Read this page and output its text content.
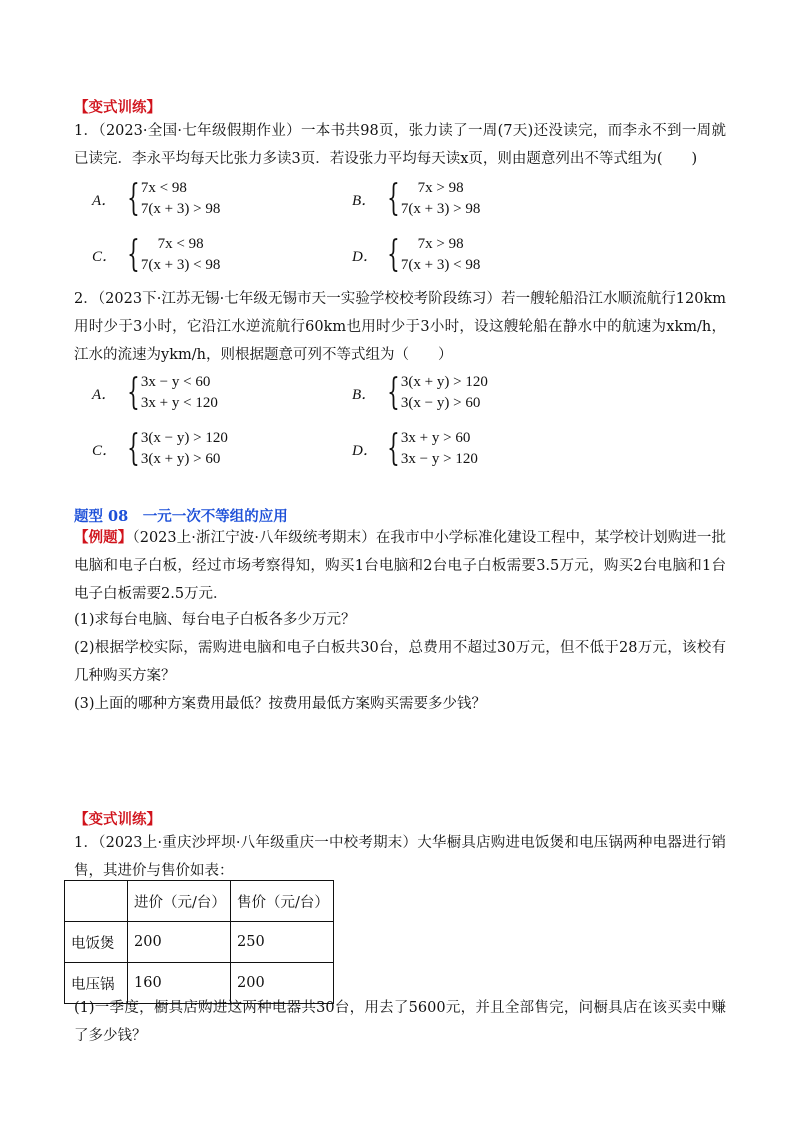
【变式训练】
1．（2023·全国·七年级假期作业）一本书共98页，张力读了一周(7天)还没读完，而李永不到一周就已读完．李永平均每天比张力多读3页．若设张力平均每天读x页，则由题意列出不等式组为(　　)
A． { 7x < 98
7(x + 3) > 98
B． {	7x > 98
7(x + 3) > 98
C． {	7x < 98
7(x + 3) < 98
D． {	7x > 98
7(x + 3) < 98
2．（2023下·江苏无锡·七年级无锡市天一实验学校校考阶段练习）若一艘轮船沿江水顺流航行120km用时少于3小时，它沿江水逆流航行60km也用时少于3小时，设这艘轮船在静水中的航速为xkm/h，江水的流速为ykm/h，则根据题意可列不等式组为（　　）
A． { 3x − y < 60
3x + y < 120
B． { 3(x + y) > 120
3(x − y) > 60
C． { 3(x − y) > 120
3(x + y) > 60
D． { 3x + y > 60
3x − y > 120
题型 08　一元一次不等组的应用
【例题】（2023上·浙江宁波·八年级统考期末）在我市中小学标准化建设工程中，某学校计划购进一批电脑和电子白板，经过市场考察得知，购买1台电脑和2台电子白板需要3.5万元，购买2台电脑和1台电子白板需要2.5万元．
(1)求每台电脑、每台电子白板各多少万元？
(2)根据学校实际，需购进电脑和电子白板共30台，总费用不超过30万元，但不低于28万元，该校有几种购买方案？
(3)上面的哪种方案费用最低？按费用最低方案购买需要多少钱？
【变式训练】
1．（2023上·重庆沙坪坝·八年级重庆一中校考期末）大华橱具店购进电饭煲和电压锅两种电器进行销售，其进价与售价如表：
	进价（元/台）	售价（元/台）
电饭煲	200	250
电压锅	160	200
(1)一季度，橱具店购进这两种电器共30台，用去了5600元，并且全部售完，问橱具店在该买卖中赚了多少钱？
